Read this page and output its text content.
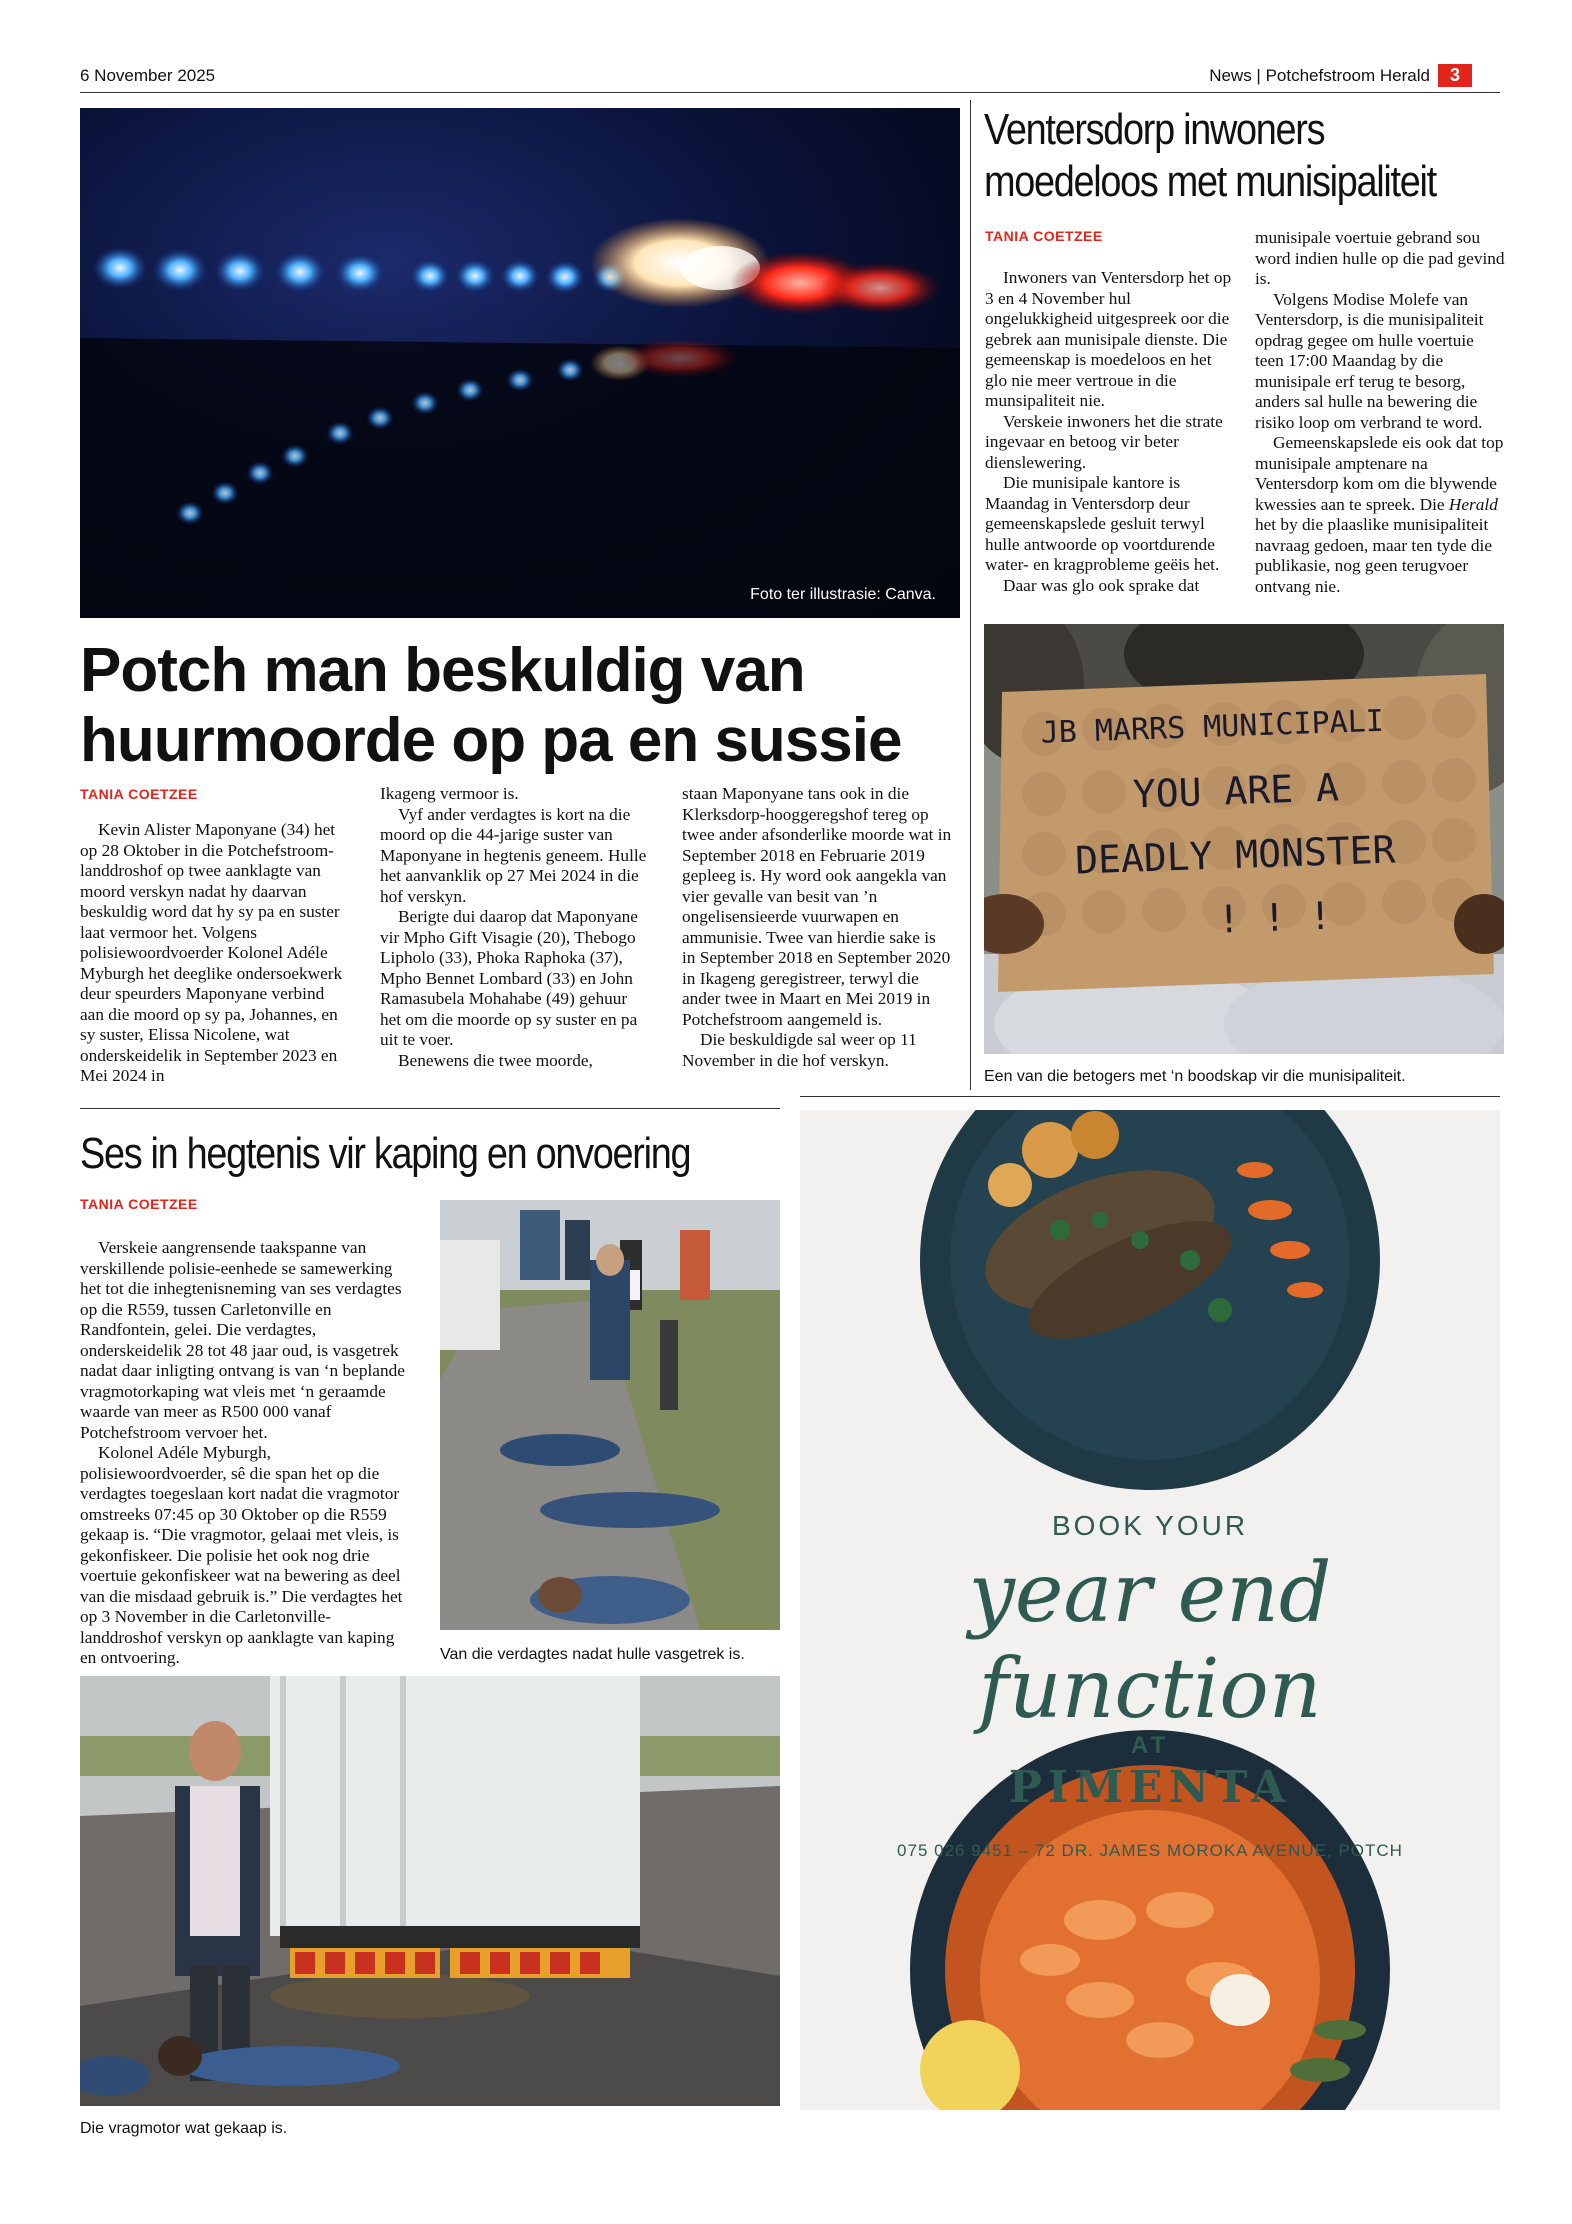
6 November 2025	News | Potchefstroom Herald	3
Foto ter illustrasie: Canva.
Potch man beskuldig van
huurmoorde op pa en sussie
TANIA COETZEE

Kevin Alister Maponyane (34) het op 28 Oktober in die Potchefstroom-landdroshof op twee aanklagte van moord verskyn nadat hy daarvan beskuldig word dat hy sy pa en suster laat vermoor het. Volgens polisiewoordvoerder Kolonel Adéle Myburgh het deeglike ondersoekwerk deur speurders Maponyane verbind aan die moord op sy pa, Johannes, en sy suster, Elissa Nicolene, wat onderskeidelik in September 2023 en Mei 2024 in

Ikageng vermoor is.

Vyf ander verdagtes is kort na die moord op die 44-jarige suster van Maponyane in hegtenis geneem. Hulle het aanvanklik op 27 Mei 2024 in die hof verskyn.

Berigte dui daarop dat Maponyane vir Mpho Gift Visagie (20), Thebogo Lipholo (33), Phoka Raphoka (37), Mpho Bennet Lombard (33) en John Ramasubela Mohahabe (49) gehuur het om die moorde op sy suster en pa uit te voer.

Benewens die twee moorde,

staan Maponyane tans ook in die Klerksdorp-hooggeregshof tereg op twee ander afsonderlike moorde wat in September 2018 en Februarie 2019 gepleeg is. Hy word ook aangekla van vier gevalle van besit van ’n ongelisensieerde vuurwapen en ammunisie. Twee van hierdie sake is in September 2018 en September 2020 in Ikageng geregistreer, terwyl die ander twee in Maart en Mei 2019 in Potchefstroom aangemeld is.

Die beskuldigde sal weer op 11 November in die hof verskyn.

Ventersdorp inwoners
moedeloos met munisipaliteit
TANIA COETZEE

Inwoners van Ventersdorp het op 3 en 4 November hul ongelukkigheid uitgespreek oor die gebrek aan munisipale dienste. Die gemeenskap is moedeloos en het glo nie meer vertroue in die munsipaliteit nie.

Verskeie inwoners het die strate ingevaar en betoog vir beter dienslewering.

Die munisipale kantore is Maandag in Ventersdorp deur gemeenskapslede gesluit terwyl hulle antwoorde op voortdurende water- en kragprobleme geëis het.

Daar was glo ook sprake dat

munisipale voertuie gebrand sou word indien hulle op die pad gevind is.

Volgens Modise Molefe van Ventersdorp, is die munisipaliteit opdrag gegee om hulle voertuie teen 17:00 Maandag by die munisipale erf terug te besorg, anders sal hulle na bewering die risiko loop om verbrand te word.

Gemeenskapslede eis ook dat top munisipale amptenare na Ventersdorp kom om die blywende kwessies aan te spreek. Die Herald het by die plaaslike munisipaliteit navraag gedoen, maar ten tyde die publikasie, nog geen terugvoer ontvang nie.

JB MARRS MUNICIPALI
YOU ARE A
DEADLY MONSTER
! ! !
Een van die betogers met ‘n boodskap vir die munisipaliteit.
Ses in hegtenis vir kaping en onvoering
TANIA COETZEE

Verskeie aangrensende taakspanne van verskillende polisie-eenhede se samewerking het tot die inhegtenisneming van ses verdagtes op die R559, tussen Carletonville en Randfontein, gelei. Die verdagtes, onderskeidelik 28 tot 48 jaar oud, is vasgetrek nadat daar inligting ontvang is van ‘n beplande vragmotorkaping wat vleis met ‘n geraamde waarde van meer as R500 000 vanaf Potchefstroom vervoer het.

Kolonel Adéle Myburgh, polisiewoordvoerder, sê die span het op die verdagtes toegeslaan kort nadat die vragmotor omstreeks 07:45 op 30 Oktober op die R559 gekaap is. “Die vragmotor, gelaai met vleis, is gekonfiskeer. Die polisie het ook nog drie voertuie gekonfiskeer wat na bewering as deel van die misdaad gebruik is.” Die verdagtes het op 3 November in die Carletonville-landdroshof verskyn op aanklagte van kaping en ontvoering.	Van die verdagtes nadat hulle vasgetrek is.
Die vragmotor wat gekaap is.
BOOK YOUR
year end function
AT
PIMENTA
075 026 9451 – 72 DR. JAMES MOROKA AVENUE, POTCH
